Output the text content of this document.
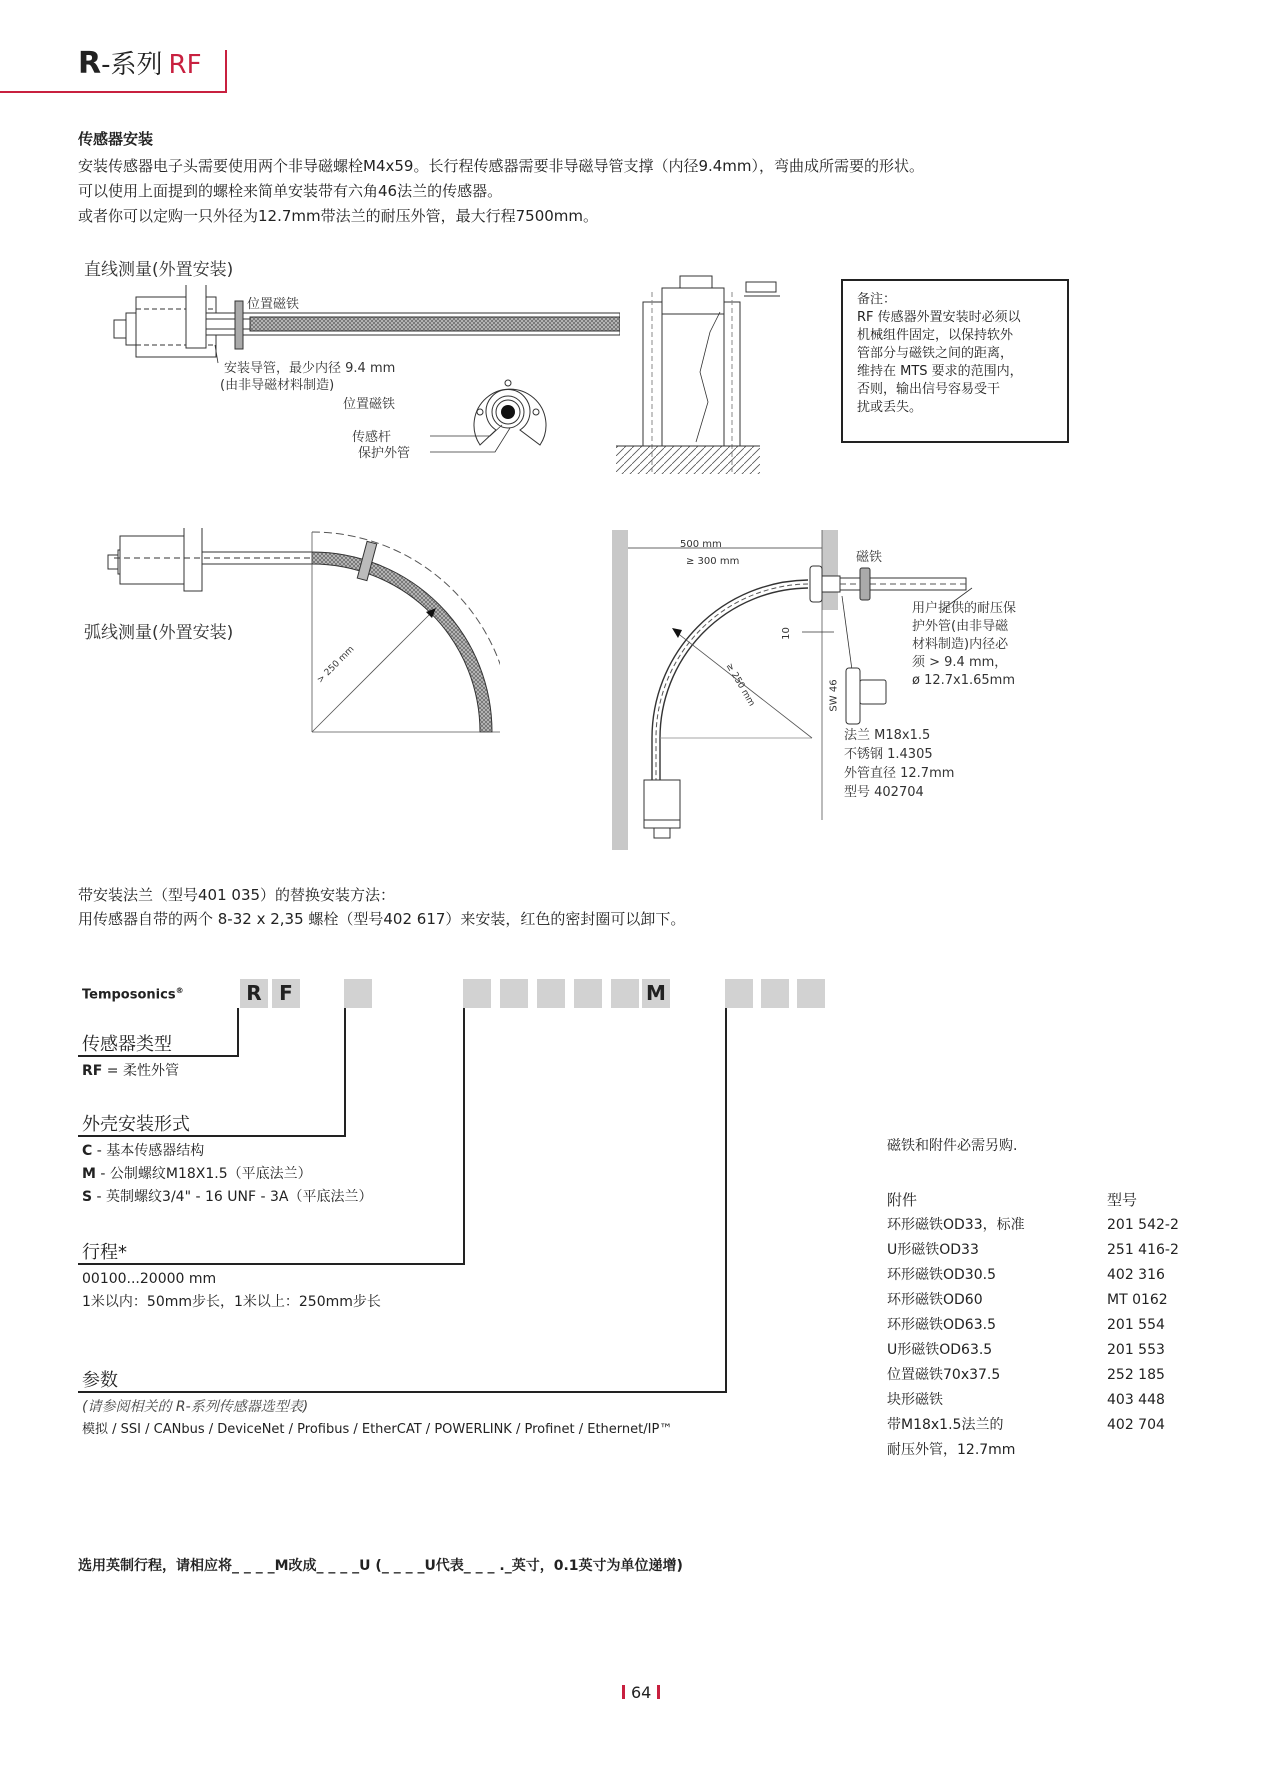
R-系列 RF
传感器安装
安装传感器电子头需要使用两个非导磁螺栓M4x59。长行程传感器需要非导磁导管支撑（内径9.4mm），弯曲成所需要的形状。
可以使用上面提到的螺栓来简单安装带有六角46法兰的传感器。
或者你可以定购一只外径为12.7mm带法兰的耐压外管，最大行程7500mm。
直线测量(外置安装)
位置磁铁
安装导管，最少内径 9.4 mm
(由非导磁材料制造)
位置磁铁
传感杆
保护外管
备注：
RF 传感器外置安装时必须以
机械组件固定，以保持软外
管部分与磁铁之间的距离，
维持在 MTS 要求的范围内，
否则，输出信号容易受干
扰或丢失。
弧线测量(外置安装)
> 250 mm
500 mm
≥ 300 mm
10
≥ 250 mm	SW 46
磁铁
用户提供的耐压保
护外管(由非导磁
材料制造)内径必
须 > 9.4 mm，
ø 12.7x1.65mm
法兰 M18x1.5
不锈钢 1.4305
外管直径 12.7mm
型号 402704
带安装法兰（型号401 035）的替换安装方法：
用传感器自带的两个 8-32 x 2,35 螺栓（型号402 617）来安装，红色的密封圈可以卸下。
Temposonics®	R F	M
传感器类型
RF = 柔性外管
外壳安装形式
C - 基本传感器结构
M - 公制螺纹M18X1.5（平底法兰）
S - 英制螺纹3/4" - 16 UNF - 3A（平底法兰）
行程*
00100...20000 mm
1米以内：50mm步长，1米以上：250mm步长
参数
(请参阅相关的 R-系列传感器选型表)
模拟 / SSI / CANbus / DeviceNet / Profibus / EtherCAT / POWERLINK / Profinet / Ethernet/IP™
磁铁和附件必需另购.
附件	型号
环形磁铁OD33，标准	201 542-2
U形磁铁OD33	251 416-2
环形磁铁OD30.5	402 316
环形磁铁OD60	MT 0162
环形磁铁OD63.5	201 554
U形磁铁OD63.5	201 553
位置磁铁70x37.5	252 185
块形磁铁	403 448
带M18x1.5法兰的	402 704
耐压外管，12.7mm	
选用英制行程，请相应将_ _ _ _M改成_ _ _ _U (_ _ _ _U代表_ _ _ ._英寸，0.1英寸为单位递增)
64
